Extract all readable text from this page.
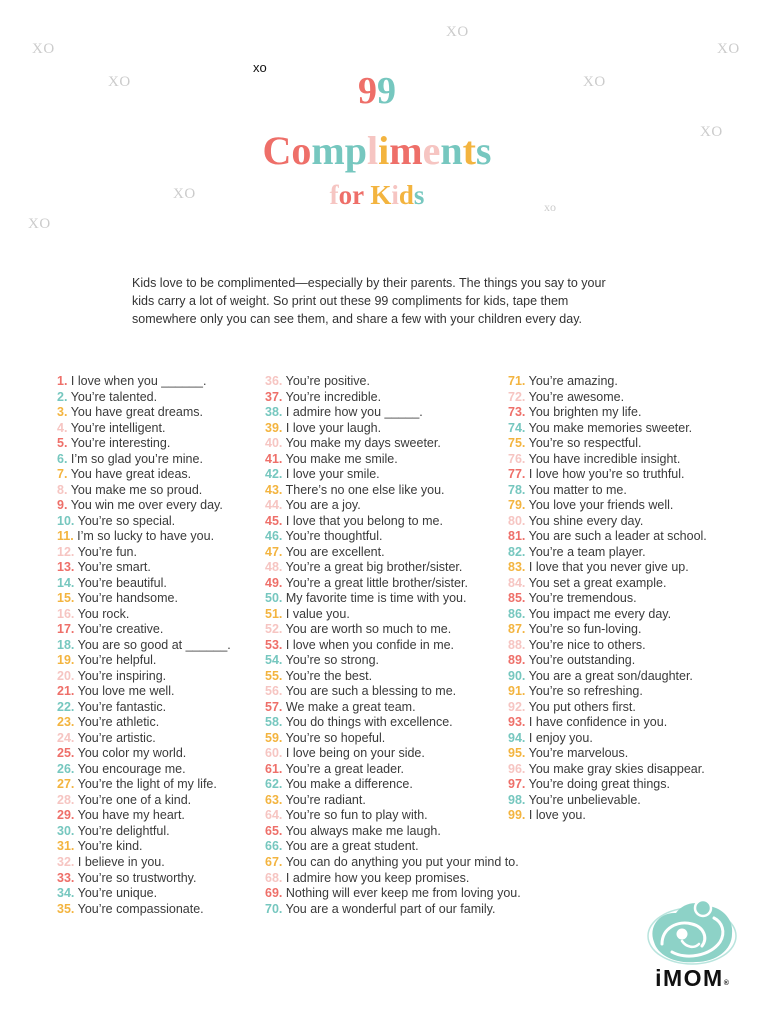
XO
XO
XO
XO	XO
XO
XO
XO
xo
xo
99
Compliments
for Kids
Kids love to be complimented—especially by their parents. The things you say to your
kids carry a lot of weight. So print out these 99 compliments for kids, tape them
somewhere only you can see them, and share a few with your children every day.
1. I love when you ______.
2. You’re talented.
3. You have great dreams.
4. You’re intelligent.
5. You’re interesting.
6. I’m so glad you’re mine.
7. You have great ideas.
8. You make me so proud.
9. You win me over every day.
10. You’re so special.
11. I’m so lucky to have you.
12. You’re fun.
13. You’re smart.
14. You’re beautiful.
15. You’re handsome.
16. You rock.
17. You’re creative.
18. You are so good at ______.
19. You’re helpful.
20. You’re inspiring.
21. You love me well.
22. You’re fantastic.
23. You’re athletic.
24. You’re artistic.
25. You color my world.
26. You encourage me.
27. You’re the light of my life.
28. You’re one of a kind.
29. You have my heart.
30. You’re delightful.
31. You’re kind.
32. I believe in you.
33. You’re so trustworthy.
34. You’re unique.
35. You’re compassionate.
36. You’re positive.
37. You’re incredible.
38. I admire how you _____.
39. I love your laugh.
40. You make my days sweeter.
41. You make me smile.
42. I love your smile.
43. There’s no one else like you.
44. You are a joy.
45. I love that you belong to me.
46. You’re thoughtful.
47. You are excellent.
48. You’re a great big brother/sister.
49. You’re a great little brother/sister.
50. My favorite time is time with you.
51. I value you.
52. You are worth so much to me.
53. I love when you confide in me.
54. You’re so strong.
55. You’re the best.
56. You are such a blessing to me.
57. We make a great team.
58. You do things with excellence.
59. You’re so hopeful.
60. I love being on your side.
61. You’re a great leader.
62. You make a difference.
63. You’re radiant.
64. You’re so fun to play with.
65. You always make me laugh.
66. You are a great student.
67. You can do anything you put your mind to.
68. I admire how you keep promises.
69. Nothing will ever keep me from loving you.
70. You are a wonderful part of our family.
71. You’re amazing.
72. You’re awesome.
73. You brighten my life.
74. You make memories sweeter.
75. You’re so respectful.
76. You have incredible insight.
77. I love how you’re so truthful.
78. You matter to me.
79. You love your friends well.
80. You shine every day.
81. You are such a leader at school.
82. You’re a team player.
83. I love that you never give up.
84. You set a great example.
85. You’re tremendous.
86. You impact me every day.
87. You’re so fun-loving.
88. You’re nice to others.
89. You’re outstanding.
90. You are a great son/daughter.
91. You’re so refreshing.
92. You put others first.
93. I have confidence in you.
94. I enjoy you.
95. You’re marvelous.
96. You make gray skies disappear.
97. You’re doing great things.
98. You’re unbelievable.
99. I love you.
iMOM®
